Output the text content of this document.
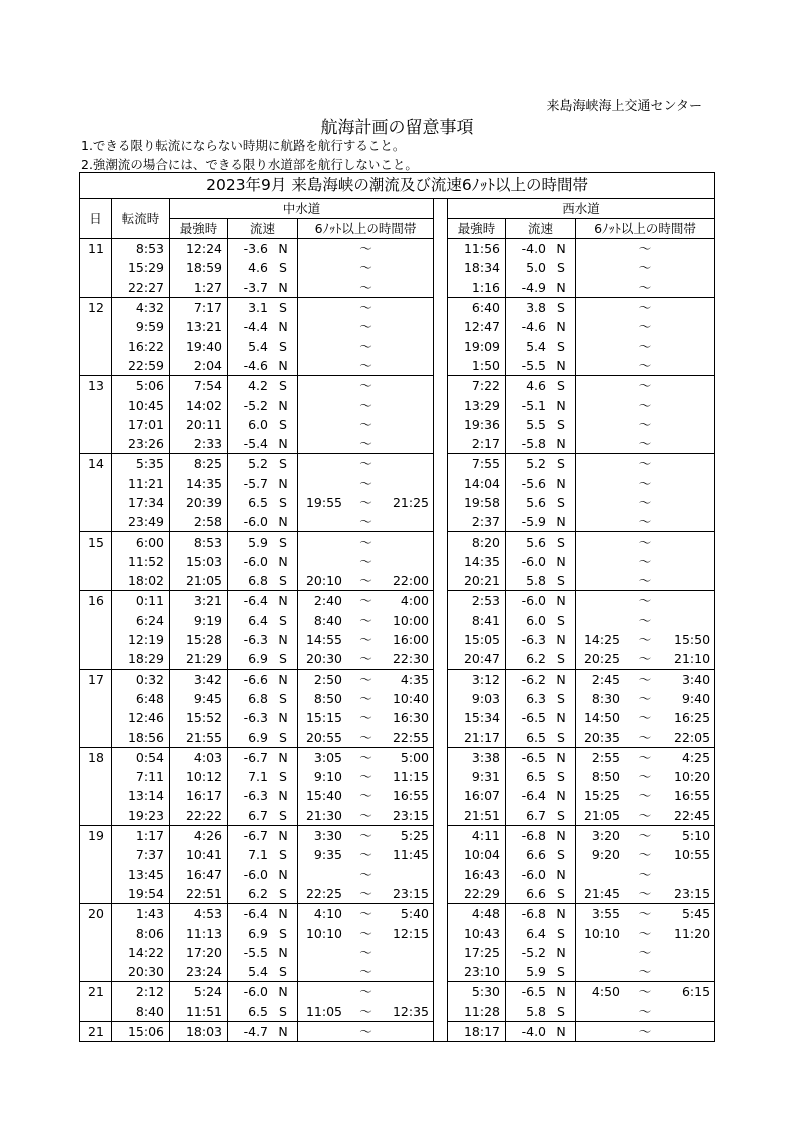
来島海峡海上交通センター
航海計画の留意事項
1.できる限り転流にならない時期に航路を航行すること。
2.強潮流の場合には、できる限り水道部を航行しないこと。
2023年9月 来島海峡の潮流及び流速6ﾉｯﾄ以上の時間帯								
日	転流時	中水道				西水道		
		最強時	流速	6ﾉｯﾄ以上の時間帯		最強時	流速	6ﾉｯﾄ以上の時間帯
11	8:53	12:24	-3.6 N	～		11:56	-4.0 N	～

	15:29	18:59	4.6 S	～		18:34	5.0 S	～

	22:27	1:27	-3.7 N	～		1:16	-4.9 N	～

12	4:32	7:17	3.1 S	～		6:40	3.8 S	～

	9:59	13:21	-4.4 N	～		12:47	-4.6 N	～

	16:22	19:40	5.4 S	～		19:09	5.4 S	～

	22:59	2:04	-4.6 N	～		1:50	-5.5 N	～

13	5:06	7:54	4.2 S	～		7:22	4.6 S	～

	10:45	14:02	-5.2 N	～		13:29	-5.1 N	～

	17:01	20:11	6.0 S	～		19:36	5.5 S	～

	23:26	2:33	-5.4 N	～		2:17	-5.8 N	～

14	5:35	8:25	5.2 S	～		7:55	5.2 S	～

	11:21	14:35	-5.7 N	～		14:04	-5.6 N	～

	17:34	20:39	6.5 S	19:55 ～ 21:25		19:58	5.6 S	～

	23:49	2:58	-6.0 N	～		2:37	-5.9 N	～

15	6:00	8:53	5.9 S	～		8:20	5.6 S	～

	11:52	15:03	-6.0 N	～		14:35	-6.0 N	～

	18:02	21:05	6.8 S	20:10 ～ 22:00		20:21	5.8 S	～

16	0:11	3:21	-6.4 N	2:40 ～ 4:00		2:53	-6.0 N	～

	6:24	9:19	6.4 S	8:40 ～ 10:00		8:41	6.0 S	～

	12:19	15:28	-6.3 N	14:55 ～ 16:00		15:05	-6.3 N	14:25 ～ 15:50

	18:29	21:29	6.9 S	20:30 ～ 22:30		20:47	6.2 S	20:25 ～ 21:10

17	0:32	3:42	-6.6 N	2:50 ～ 4:35		3:12	-6.2 N	2:45 ～ 3:40

	6:48	9:45	6.8 S	8:50 ～ 10:40		9:03	6.3 S	8:30 ～ 9:40

	12:46	15:52	-6.3 N	15:15 ～ 16:30		15:34	-6.5 N	14:50 ～ 16:25

	18:56	21:55	6.9 S	20:55 ～ 22:55		21:17	6.5 S	20:35 ～ 22:05

18	0:54	4:03	-6.7 N	3:05 ～ 5:00		3:38	-6.5 N	2:55 ～ 4:25

	7:11	10:12	7.1 S	9:10 ～ 11:15		9:31	6.5 S	8:50 ～ 10:20

	13:14	16:17	-6.3 N	15:40 ～ 16:55		16:07	-6.4 N	15:25 ～ 16:55

	19:23	22:22	6.7 S	21:30 ～ 23:15		21:51	6.7 S	21:05 ～ 22:45

19	1:17	4:26	-6.7 N	3:30 ～ 5:25		4:11	-6.8 N	3:20 ～ 5:10

	7:37	10:41	7.1 S	9:35 ～ 11:45		10:04	6.6 S	9:20 ～ 10:55

	13:45	16:47	-6.0 N	～		16:43	-6.0 N	～

	19:54	22:51	6.2 S	22:25 ～ 23:15		22:29	6.6 S	21:45 ～ 23:15

20	1:43	4:53	-6.4 N	4:10 ～ 5:40		4:48	-6.8 N	3:55 ～ 5:45

	8:06	11:13	6.9 S	10:10 ～ 12:15		10:43	6.4 S	10:10 ～ 11:20

	14:22	17:20	-5.5 N	～		17:25	-5.2 N	～

	20:30	23:24	5.4 S	～		23:10	5.9 S	～

21	2:12	5:24	-6.0 N	～		5:30	-6.5 N	4:50 ～ 6:15

	8:40	11:51	6.5 S	11:05 ～ 12:35		11:28	5.8 S	～

21	15:06	18:03	-4.7 N	～		18:17	-4.0 N	～
